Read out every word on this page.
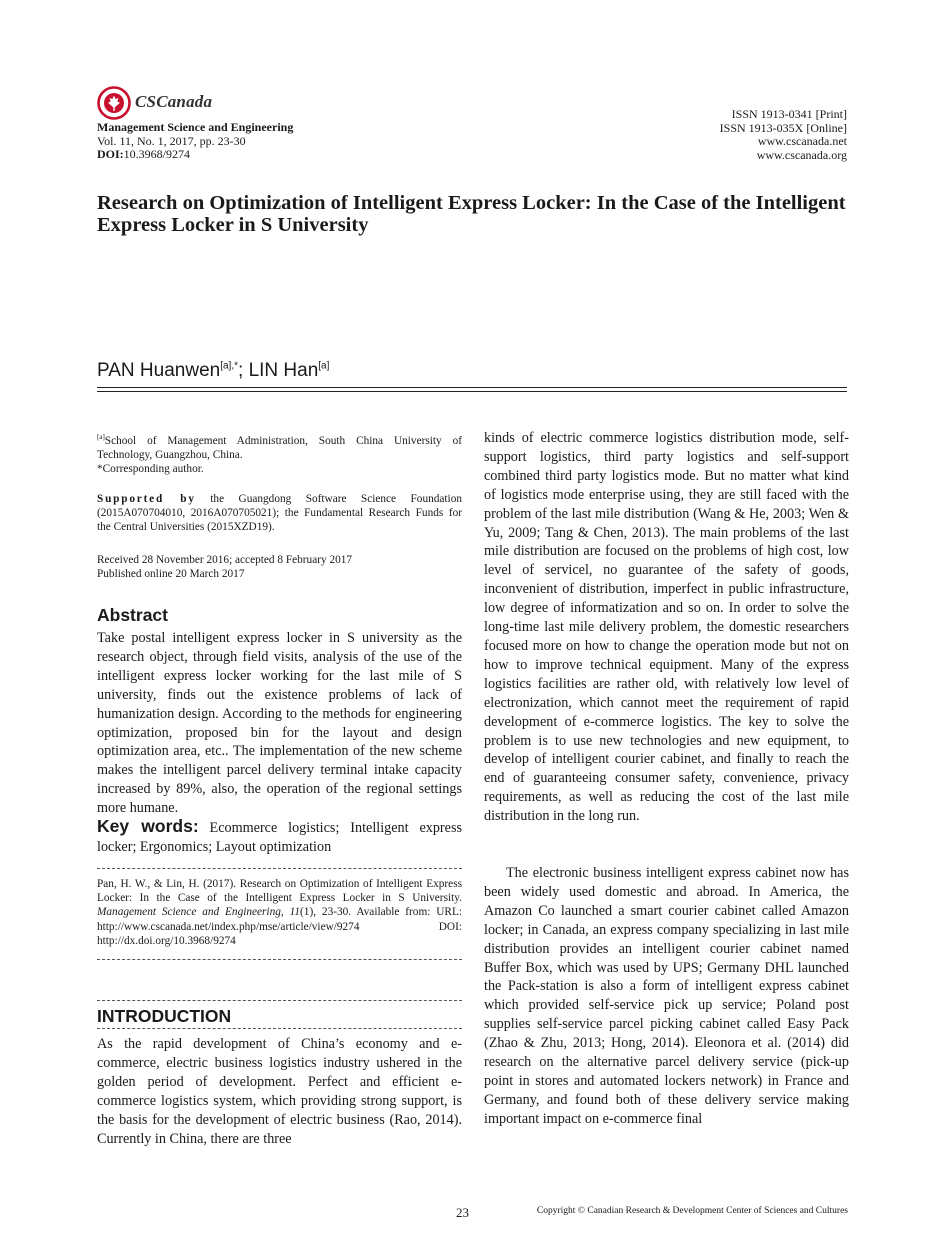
CSCanada
Management Science and Engineering
Vol. 11, No. 1, 2017, pp. 23-30
DOI:10.3968/9274
ISSN 1913-0341 [Print]
ISSN 1913-035X [Online]
www.cscanada.net
www.cscanada.org
Research on Optimization of Intelligent Express Locker: In the Case of the Intelligent Express Locker in S University
PAN Huanwen$^{[a],*}$; LIN Han[a]
[a]School of Management Administration, South China University of Technology, Guangzhou, China.
*Corresponding author.
Supported by the Guangdong Software Science Foundation (2015A070704010, 2016A070705021); the Fundamental Research Funds for the Central Universities (2015XZD19).
Received 28 November 2016; accepted 8 February 2017
Published online 20 March 2017
Abstract
Take postal intelligent express locker in S university as the research object, through field visits, analysis of the use of the intelligent express locker working for the last mile of S university, finds out the existence problems of lack of humanization design. According to the methods for engineering optimization, proposed bin for the layout and design optimization area, etc.. The implementation of the new scheme makes the intelligent parcel delivery terminal intake capacity increased by 89%, also, the operation of the regional settings more humane.
Key words: Ecommerce logistics; Intelligent express locker; Ergonomics; Layout optimization
Pan, H. W., & Lin, H. (2017). Research on Optimization of Intelligent Express Locker: In the Case of the Intelligent Express Locker in S University. Management Science and Engineering, 11(1), 23-30. Available from: URL: http://www.cscanada.net/index.php/mse/article/view/9274 DOI: http://dx.doi.org/10.3968/9274
INTRODUCTION
As the rapid development of China’s economy and e-commerce, electric business logistics industry ushered in the golden period of development. Perfect and efficient e-commerce logistics system, which providing strong support, is the basis for the development of electric business (Rao, 2014). Currently in China, there are three
kinds of electric commerce logistics distribution mode, self-support logistics, third party logistics and self-support combined third party logistics mode. But no matter what kind of logistics mode enterprise using, they are still faced with the problem of the last mile distribution (Wang & He, 2003; Wen & Yu, 2009; Tang & Chen, 2013). The main problems of the last mile distribution are focused on the problems of high cost, low level of servicel, no guarantee of the safety of goods, inconvenient of distribution, imperfect in public infrastructure, low degree of informatization and so on. In order to solve the long-time last mile delivery problem, the domestic researchers focused more on how to change the operation mode but not on how to improve technical equipment. Many of the express logistics facilities are rather old, with relatively low level of electronization, which cannot meet the requirement of rapid development of e-commerce logistics. The key to solve the problem is to use new technologies and new equipment, to develop of intelligent courier cabinet, and finally to reach the end of guaranteeing consumer safety, convenience, privacy requirements, as well as reducing the cost of the last mile distribution in the long run.
The electronic business intelligent express cabinet now has been widely used domestic and abroad. In America, the Amazon Co launched a smart courier cabinet called Amazon locker; in Canada, an express company specializing in last mile distribution provides an intelligent courier cabinet named Buffer Box, which was used by UPS; Germany DHL launched the Pack-station is also a form of intelligent express cabinet which provided self-service pick up service; Poland post supplies self-service parcel picking cabinet called Easy Pack (Zhao & Zhu, 2013; Hong, 2014). Eleonora et al. (2014) did research on the alternative parcel delivery service (pick-up point in stores and automated lockers network) in France and Germany, and found both of these delivery service making important impact on e-commerce final
23	Copyright © Canadian Research & Development Center of Sciences and Cultures
